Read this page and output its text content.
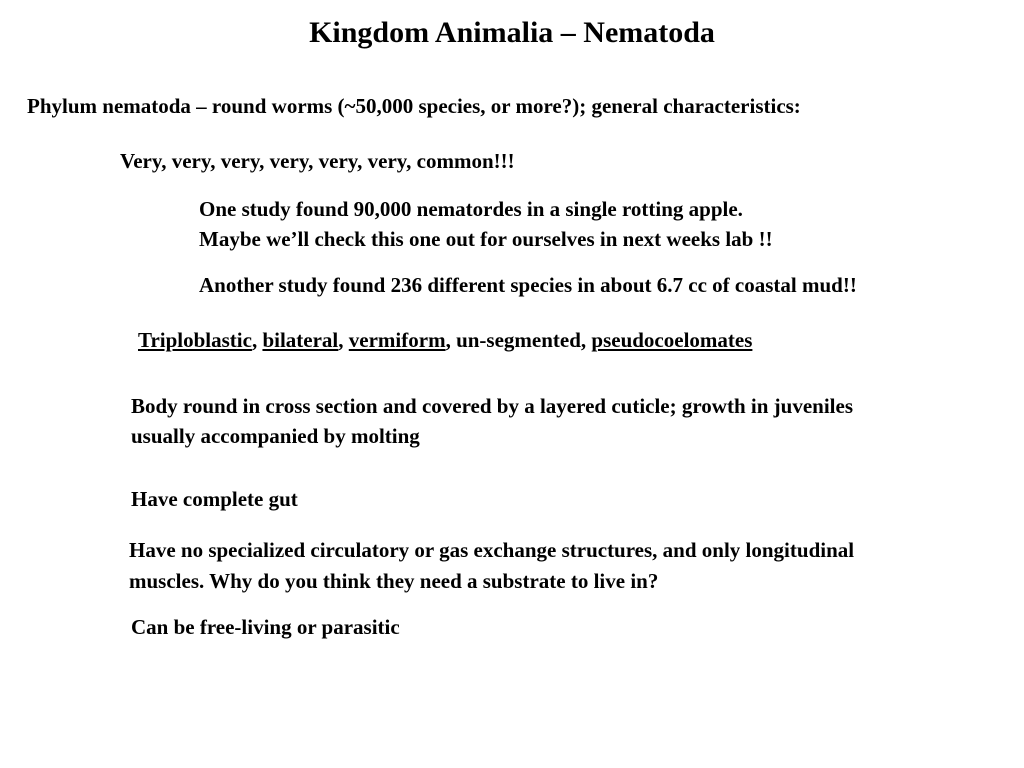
Kingdom Animalia – Nematoda

Phylum nematoda – round worms (~50,000 species, or more?); general characteristics:

Very, very, very, very, very, very, common!!!

One study found 90,000 nematordes in a single rotting apple.

Maybe we’ll check this one out for ourselves in next weeks lab !!

Another study found 236 different species in about 6.7 cc of coastal mud!!

Triploblastic, bilateral, vermiform, un-segmented, pseudocoelomates

Body round in cross section and covered by a layered cuticle; growth in juveniles

usually accompanied by molting

Have complete gut

Have no specialized circulatory or gas exchange structures, and only longitudinal

muscles. Why do you think they need a substrate to live in?

Can be free-living or parasitic
